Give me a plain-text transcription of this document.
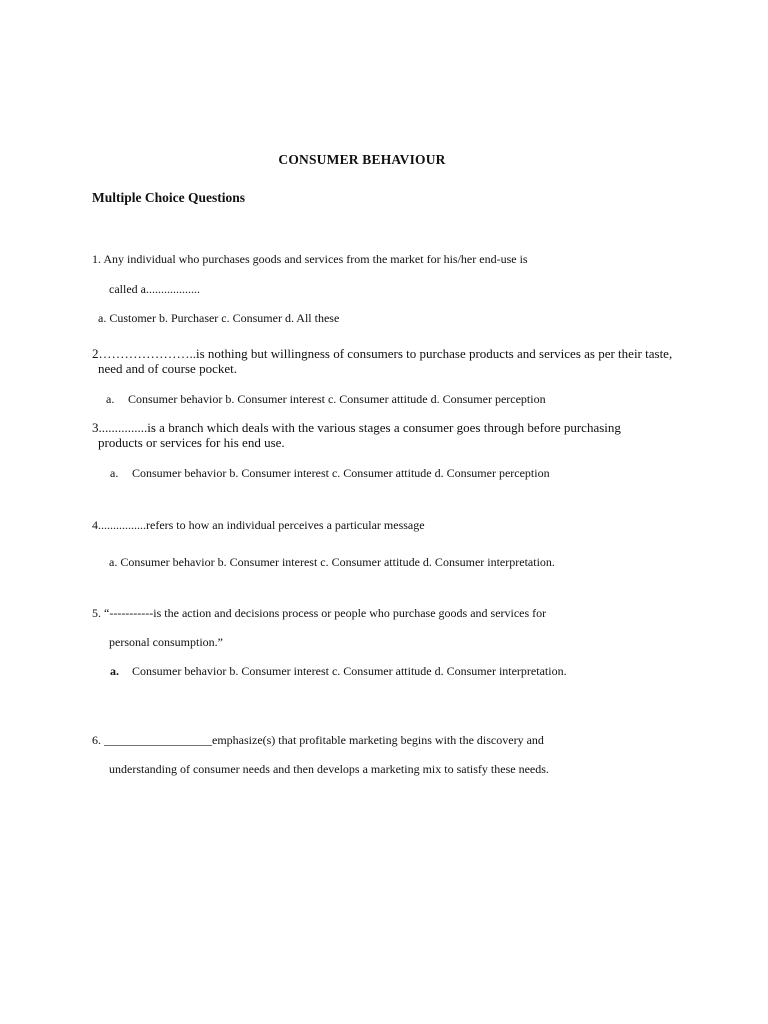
CONSUMER BEHAVIOUR
Multiple Choice Questions
1. Any individual who purchases goods and services from the market for his/her end-use is
called a..................
a. Customer b. Purchaser c. Consumer d. All these
2…………………..is nothing but willingness of consumers to purchase products and services as per their taste,
need and of course pocket.
a. Consumer behavior b. Consumer interest c. Consumer attitude d. Consumer perception
3...............is a branch which deals with the various stages a consumer goes through before purchasing
products or services for his end use.
a. Consumer behavior b. Consumer interest c. Consumer attitude d. Consumer perception
4................refers to how an individual perceives a particular message
a. Consumer behavior b. Consumer interest c. Consumer attitude d. Consumer interpretation.
5. “-----------is the action and decisions process or people who purchase goods and services for
personal consumption.”
a. Consumer behavior b. Consumer interest c. Consumer attitude d. Consumer interpretation.
6. __________________emphasize(s) that profitable marketing begins with the discovery and
understanding of consumer needs and then develops a marketing mix to satisfy these needs.
